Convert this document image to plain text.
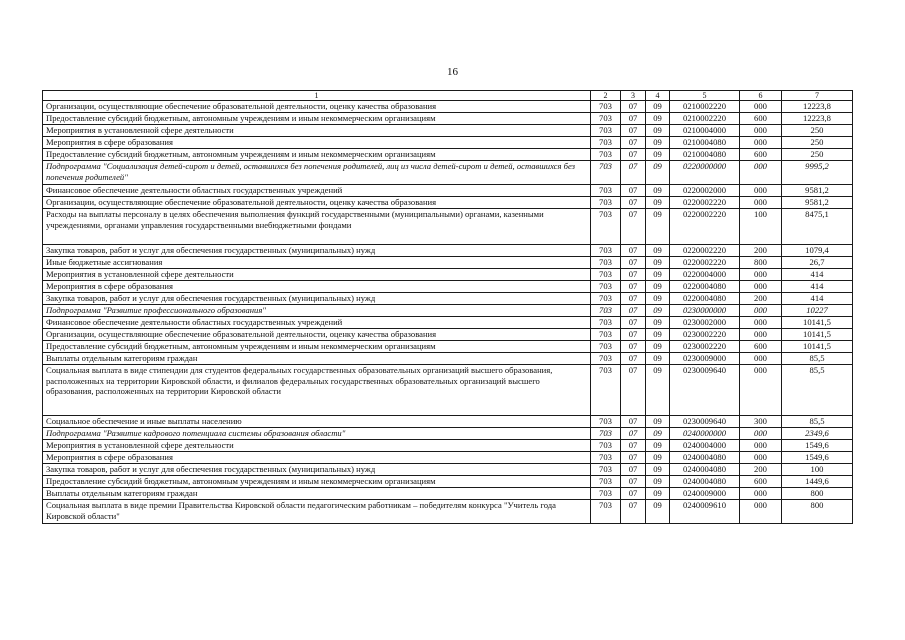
16
1	2	3	4	5	6	7
Организации, осуществляющие обеспечение образовательной деятельности, оценку качества образования	703	07	09	0210002220	000	12223,8
Предоставление субсидий бюджетным, автономным учреждениям и иным некоммерческим организациям	703	07	09	0210002220	600	12223,8
Мероприятия в установленной сфере деятельности	703	07	09	0210004000	000	250
Мероприятия в сфере образования	703	07	09	0210004080	000	250
Предоставление субсидий бюджетным, автономным учреждениям и иным некоммерческим организациям	703	07	09	0210004080	600	250
Подпрограмма "Социализация детей-сирот и детей, оставшихся без попечения родителей, лиц из числа детей-сирот и детей, оставшихся без попечения родителей"	703	07	09	0220000000	000	9995,2
Финансовое обеспечение деятельности областных государственных учреждений	703	07	09	0220002000	000	9581,2
Организации, осуществляющие обеспечение образовательной деятельности, оценку качества образования	703	07	09	0220002220	000	9581,2
Расходы на выплаты персоналу в целях обеспечения выполнения функций государственными (муниципальными) органами, казенными учреждениями, органами управления государственными внебюджетными фондами	703	07	09	0220002220	100	8475,1
Закупка товаров, работ и услуг для обеспечения государственных (муниципальных) нужд	703	07	09	0220002220	200	1079,4
Иные бюджетные ассигнования	703	07	09	0220002220	800	26,7
Мероприятия в установленной сфере деятельности	703	07	09	0220004000	000	414
Мероприятия в сфере образования	703	07	09	0220004080	000	414
Закупка товаров, работ и услуг для обеспечения государственных (муниципальных) нужд	703	07	09	0220004080	200	414
Подпрограмма "Развитие профессионального образования"	703	07	09	0230000000	000	10227
Финансовое обеспечение деятельности областных государственных учреждений	703	07	09	0230002000	000	10141,5
Организации, осуществляющие обеспечение образовательной деятельности, оценку качества образования	703	07	09	0230002220	000	10141,5
Предоставление субсидий бюджетным, автономным учреждениям и иным некоммерческим организациям	703	07	09	0230002220	600	10141,5
Выплаты отдельным категориям граждан	703	07	09	0230009000	000	85,5
Социальная выплата в виде стипендии для студентов федеральных государственных образовательных организаций высшего образования, расположенных на территории Кировской области, и филиалов федеральных государственных образовательных организаций высшего образования, расположенных на территории Кировской области	703	07	09	0230009640	000	85,5
Социальное обеспечение и иные выплаты населению	703	07	09	0230009640	300	85,5
Подпрограмма "Развитие кадрового потенциала системы образования области"	703	07	09	0240000000	000	2349,6
Мероприятия в установленной сфере деятельности	703	07	09	0240004000	000	1549,6
Мероприятия в сфере образования	703	07	09	0240004080	000	1549,6
Закупка товаров, работ и услуг для обеспечения государственных (муниципальных) нужд	703	07	09	0240004080	200	100
Предоставление субсидий бюджетным, автономным учреждениям и иным некоммерческим организациям	703	07	09	0240004080	600	1449,6
Выплаты отдельным категориям граждан	703	07	09	0240009000	000	800
Социальная выплата в виде премии Правительства Кировской области педагогическим работникам – победителям конкурса "Учитель года Кировской области"	703	07	09	0240009610	000	800
